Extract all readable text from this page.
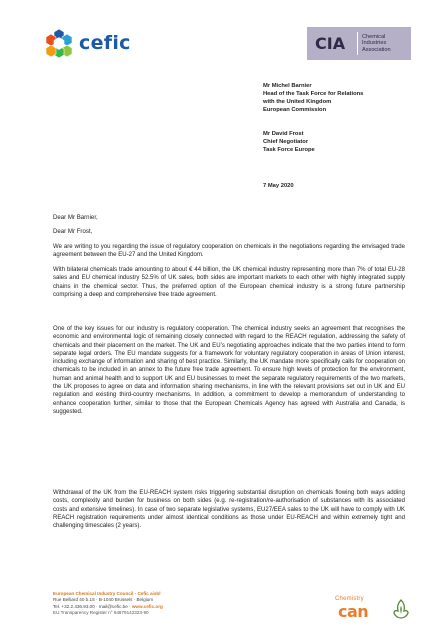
cefic	CIA	Chemical
Industries
Association
Mr Michel Barnier
Head of the Task Force for Relations
with the United Kingdom
European Commission
Mr David Frost
Chief Negotiator
Task Force Europe
7 May 2020
Dear Mr Barnier,
Dear Mr Frost,

We are writing to you regarding the issue of regulatory cooperation on chemicals in the negotiations regarding the envisaged trade agreement between the EU-27 and the United Kingdom.

With bilateral chemicals trade amounting to about € 44 billion, the UK chemical industry representing more than 7% of total EU-28 sales and EU chemical industry 52.5% of UK sales, both sides are important markets to each other with highly integrated supply chains in the chemical sector. Thus, the preferred option of the European chemical industry is a strong future partnership comprising a deep and comprehensive free trade agreement.

One of the key issues for our industry is regulatory cooperation. The chemical industry seeks an agreement that recognises the economic and environmental logic of remaining closely connected with regard to the REACH regulation, addressing the safety of chemicals and their placement on the market. The UK and EU’s negotiating approaches indicate that the two parties intend to form separate legal orders. The EU mandate suggests for a framework for voluntary regulatory cooperation in areas of Union interest, including exchange of information and sharing of best practice. Similarly, the UK mandate more specifically calls for cooperation on chemicals to be included in an annex to the future free trade agreement. To ensure high levels of protection for the environment, human and animal health and to support UK and EU businesses to meet the separate regulatory requirements of the two markets, the UK proposes to agree on data and information sharing mechanisms, in line with the relevant provisions set out in UK and EU regulation and existing third-country mechanisms. In addition, a commitment to develop a memorandum of understanding to enhance cooperation further, similar to those that the European Chemicals Agency has agreed with Australia and Canada, is suggested.

Withdrawal of the UK from the EU-REACH system risks triggering substantial disruption on chemicals flowing both ways adding costs, complexity and burden for business on both sides (e.g. re-registration/re-authorisation of substances with its associated costs and extensive timelines). In case of two separate legislative systems, EU27/EEA sales to the UK will have to comply with UK REACH registration requirements under almost identical conditions as those under EU-REACH and within extremely tight and challenging timescales (2 years).

European Chemical Industry Council - Cefic aisbl
Rue Belliard 40 b.15 · B-1040 Brussels · Belgium
Tel. +32.2.436.93.00 · mail@cefic.be · www.cefic.org
EU Transparency Register n° 64879142323-90
Chemistry
can
